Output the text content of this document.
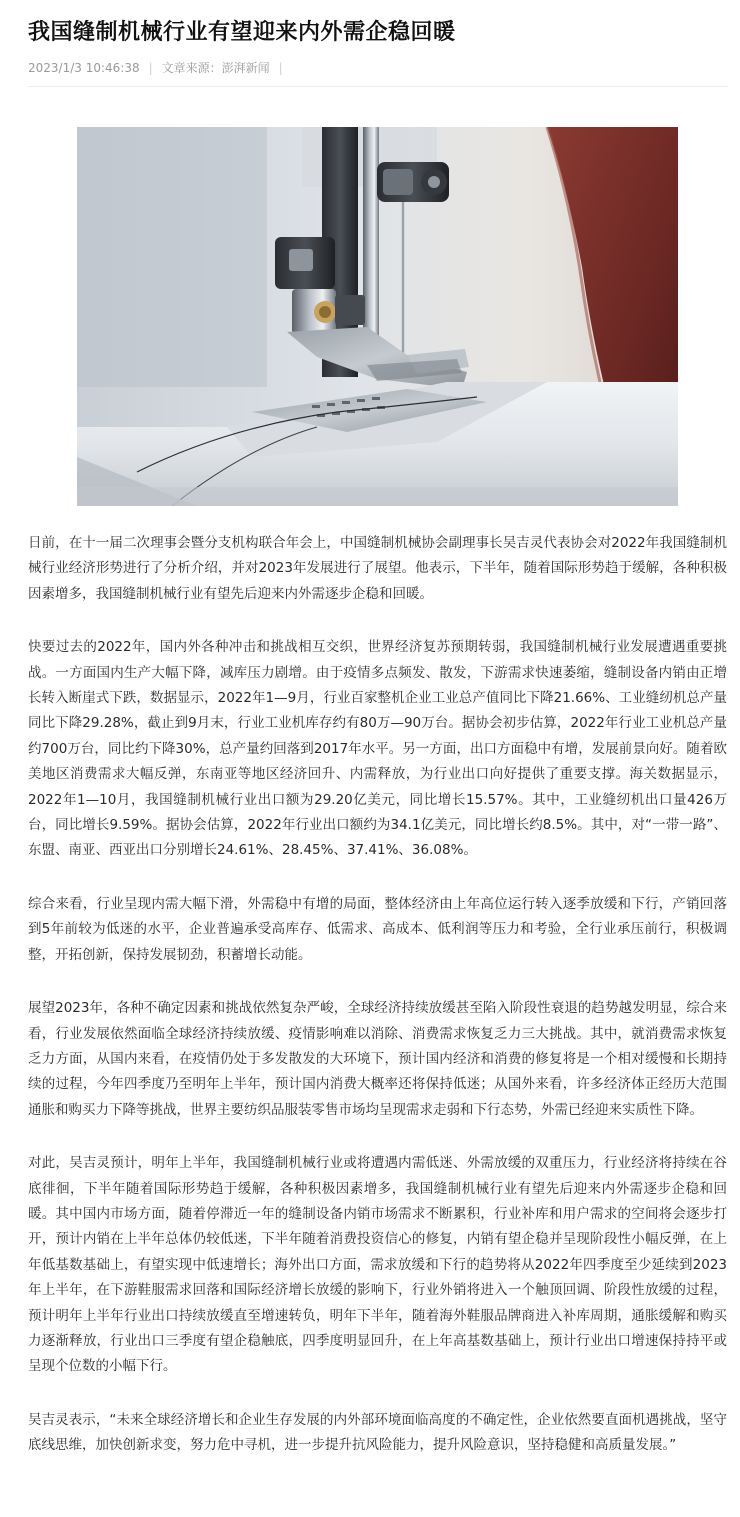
我国缝制机械行业有望迎来内外需企稳回暖
2023/1/3 10:46:38 | 文章来源：澎湃新闻 |

日前，在十一届二次理事会暨分支机构联合年会上，中国缝制机械协会副理事长吴吉灵代表协会对2022年我国缝制机械行业经济形势进行了分析介绍，并对2023年发展进行了展望。他表示，下半年，随着国际形势趋于缓解，各种积极因素增多，我国缝制机械行业有望先后迎来内外需逐步企稳和回暖。

快要过去的2022年，国内外各种冲击和挑战相互交织，世界经济复苏预期转弱，我国缝制机械行业发展遭遇重要挑战。一方面国内生产大幅下降，减库压力剧增。由于疫情多点频发、散发，下游需求快速萎缩，缝制设备内销由正增长转入断崖式下跌，数据显示，2022年1—9月，行业百家整机企业工业总产值同比下降21.66%、工业缝纫机总产量同比下降29.28%，截止到9月末，行业工业机库存约有80万—90万台。据协会初步估算，2022年行业工业机总产量约700万台，同比约下降30%，总产量约回落到2017年水平。另一方面，出口方面稳中有增，发展前景向好。随着欧美地区消费需求大幅反弹，东南亚等地区经济回升、内需释放，为行业出口向好提供了重要支撑。海关数据显示，2022年1—10月，我国缝制机械行业出口额为29.20亿美元，同比增长15.57%。其中，工业缝纫机出口量426万台，同比增长9.59%。据协会估算，2022年行业出口额约为34.1亿美元，同比增长约8.5%。其中，对“一带一路”、东盟、南亚、西亚出口分别增长24.61%、28.45%、37.41%、36.08%。

综合来看，行业呈现内需大幅下滑，外需稳中有增的局面，整体经济由上年高位运行转入逐季放缓和下行，产销回落到5年前较为低迷的水平，企业普遍承受高库存、低需求、高成本、低利润等压力和考验，全行业承压前行，积极调整，开拓创新，保持发展韧劲，积蓄增长动能。

展望2023年，各种不确定因素和挑战依然复杂严峻，全球经济持续放缓甚至陷入阶段性衰退的趋势越发明显，综合来看，行业发展依然面临全球经济持续放缓、疫情影响难以消除、消费需求恢复乏力三大挑战。其中，就消费需求恢复乏力方面，从国内来看，在疫情仍处于多发散发的大环境下，预计国内经济和消费的修复将是一个相对缓慢和长期持续的过程，今年四季度乃至明年上半年，预计国内消费大概率还将保持低迷；从国外来看，许多经济体正经历大范围通胀和购买力下降等挑战，世界主要纺织品服装零售市场均呈现需求走弱和下行态势，外需已经迎来实质性下降。

对此，吴吉灵预计，明年上半年，我国缝制机械行业或将遭遇内需低迷、外需放缓的双重压力，行业经济将持续在谷底徘徊，下半年随着国际形势趋于缓解，各种积极因素增多，我国缝制机械行业有望先后迎来内外需逐步企稳和回暖。其中国内市场方面，随着停滞近一年的缝制设备内销市场需求不断累积，行业补库和用户需求的空间将会逐步打开，预计内销在上半年总体仍较低迷，下半年随着消费投资信心的修复，内销有望企稳并呈现阶段性小幅反弹，在上年低基数基础上，有望实现中低速增长；海外出口方面，需求放缓和下行的趋势将从2022年四季度至少延续到2023年上半年，在下游鞋服需求回落和国际经济增长放缓的影响下，行业外销将进入一个触顶回调、阶段性放缓的过程，预计明年上半年行业出口持续放缓直至增速转负，明年下半年，随着海外鞋服品牌商进入补库周期，通胀缓解和购买力逐渐释放，行业出口三季度有望企稳触底，四季度明显回升，在上年高基数基础上，预计行业出口增速保持持平或呈现个位数的小幅下行。

吴吉灵表示，“未来全球经济增长和企业生存发展的内外部环境面临高度的不确定性，企业依然要直面机遇挑战，坚守底线思维，加快创新求变，努力危中寻机，进一步提升抗风险能力，提升风险意识，坚持稳健和高质量发展。”
